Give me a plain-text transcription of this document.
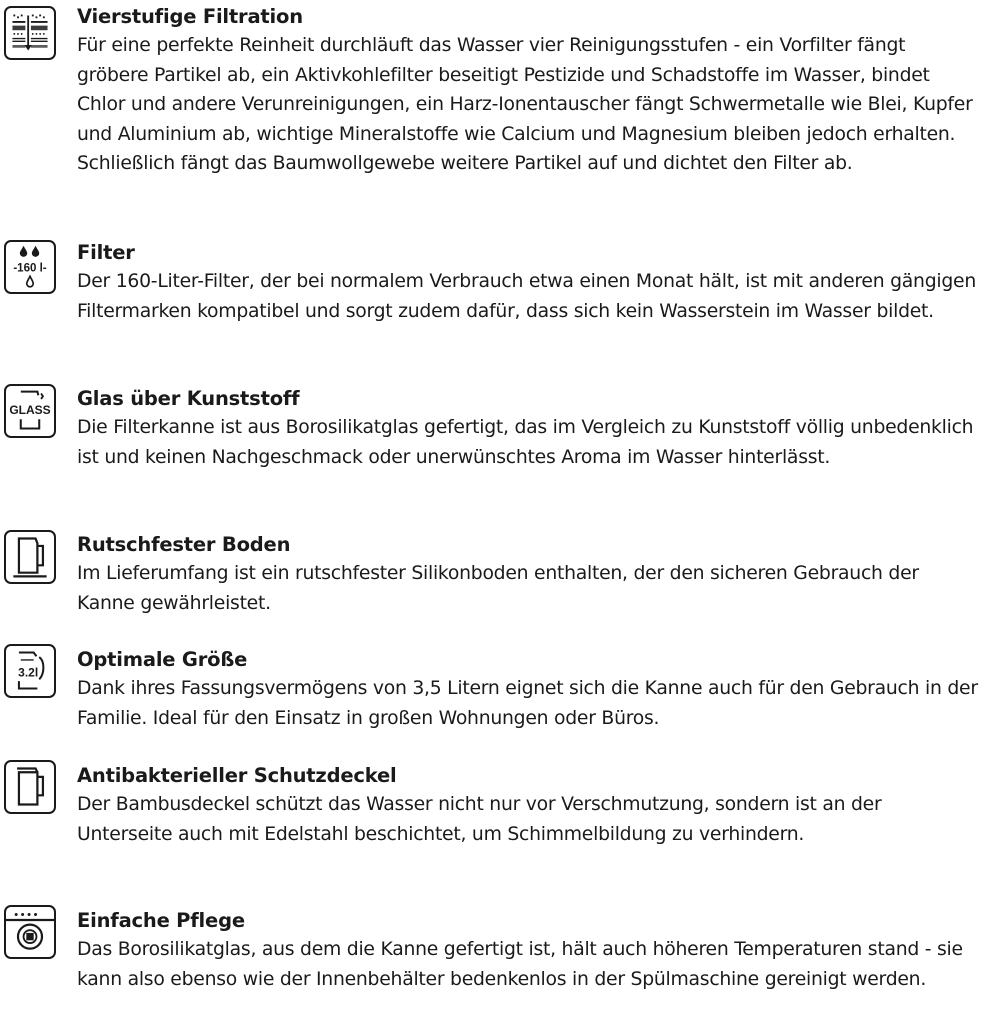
Vierstufige Filtration

Für eine perfekte Reinheit durchläuft das Wasser vier Reinigungsstufen - ein Vorfilter fängt gröbere Partikel ab, ein Aktivkohlefilter beseitigt Pestizide und Schadstoffe im Wasser, bindet Chlor und andere Verunreinigungen, ein Harz-Ionentauscher fängt Schwermetalle wie Blei, Kupfer und Aluminium ab, wichtige Mineralstoffe wie Calcium und Magnesium bleiben jedoch erhalten. Schließlich fängt das Baumwollgewebe weitere Partikel auf und dichtet den Filter ab.

-160 l-
Filter

Der 160-Liter-Filter, der bei normalem Verbrauch etwa einen Monat hält, ist mit anderen gängigen Filtermarken kompatibel und sorgt zudem dafür, dass sich kein Wasserstein im Wasser bildet.

GLASS Glas über Kunststoff

Die Filterkanne ist aus Borosilikatglas gefertigt, das im Vergleich zu Kunststoff völlig unbedenklich ist und keinen Nachgeschmack oder unerwünschtes Aroma im Wasser hinterlässt.

Rutschfester Boden

Im Lieferumfang ist ein rutschfester Silikonboden enthalten, der den sicheren Gebrauch der Kanne gewährleistet.

3.2l
Optimale Größe

Dank ihres Fassungsvermögens von 3,5 Litern eignet sich die Kanne auch für den Gebrauch in der Familie. Ideal für den Einsatz in großen Wohnungen oder Büros.

Antibakterieller Schutzdeckel

Der Bambusdeckel schützt das Wasser nicht nur vor Verschmutzung, sondern ist an der Unterseite auch mit Edelstahl beschichtet, um Schimmelbildung zu verhindern.

Einfache Pflege

Das Borosilikatglas, aus dem die Kanne gefertigt ist, hält auch höheren Temperaturen stand - sie kann also ebenso wie der Innenbehälter bedenkenlos in der Spülmaschine gereinigt werden.
